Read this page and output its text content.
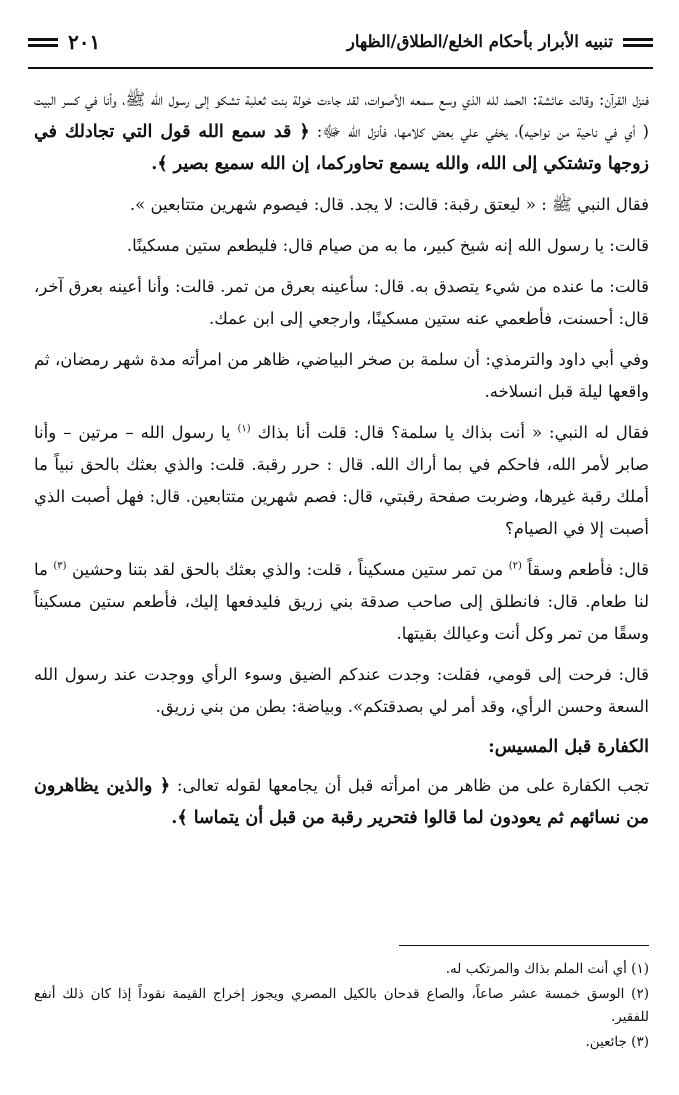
٢٠١	تنبيه الأبرار بأحكام الخلع/الطلاق/الظهار
فنزل القرآن: وقالت عائشة: الحمد لله الذي وسع سمعه الأصوات، لقد جاءت خولة بنت ثعلبة تشكو إلى رسول الله ﷺ، وأنا في كسر البيت ( أي في ناحية من نواحيه)، يخفي علي بعض كلامها، فأنزل الله ﷻ: ﴿ قد سمع الله قول التي تجادلك في زوجها وتشتكي إلى الله، والله يسمع تحاوركما، إن الله سميع بصير ﴾.
فقال النبي ﷺ : « ليعتق رقبة: قالت: لا يجد. قال: فيصوم شهرين متتابعين ».
قالت: يا رسول الله إنه شيخ كبير، ما به من صيام قال: فليطعم ستين مسكينًا.
قالت: ما عنده من شيء يتصدق به. قال: سأعينه بعرق من تمر. قالت: وأنا أعينه بعرق آخر، قال: أحسنت، فأطعمي عنه ستين مسكينًا، وارجعي إلى ابن عمك.
وفي أبي داود والترمذي: أن سلمة بن صخر البياضي، ظاهر من امرأته مدة شهر رمضان، ثم واقعها ليلة قبل انسلاخه.
فقال له النبي: « أنت بذاك يا سلمة؟ قال: قلت أنا بذاك $^{(١)}$ يا رسول الله – مرتين – وأنا صابر لأمر الله، فاحكم في بما أراك الله. قال : حرر رقبة. قلت: والذي بعثك بالحق نبياً ما أملك رقبة غيرها، وضربت صفحة رقبتي، قال: فصم شهرين متتابعين. قال: فهل أصبت الذي أصبت إلا في الصيام؟
قال: فأطعم وسقاً $^{(٢)}$ من تمر ستين مسكيناً ، قلت: والذي بعثك بالحق لقد بتنا وحشين $^{(٣)}$ ما لنا طعام. قال: فانطلق إلى صاحب صدقة بني زريق فليدفعها إليك، فأطعم ستين مسكيناً وسقًا من تمر وكل أنت وعيالك بقيتها.
قال: فرحت إلى قومي، فقلت: وجدت عندكم الضيق وسوء الرأي ووجدت عند رسول الله السعة وحسن الرأي، وقد أمر لي بصدقتكم». وبياضة: بطن من بني زريق.
الكفارة قبل المسيس:
تجب الكفارة على من ظاهر من امرأته قبل أن يجامعها لقوله تعالى: ﴿ والذين يظاهرون من نسائهم ثم يعودون لما قالوا فتحرير رقبة من قبل أن يتماسا ﴾.

(١) أي أنت الملم بذاك والمرتكب له.

(٢) الوسق خمسة عشر صاعاً، والصاع قدحان بالكيل المصري ويجوز إخراج القيمة نقوداً إذا كان ذلك أنفع للفقير.

(٣) جائعين.
